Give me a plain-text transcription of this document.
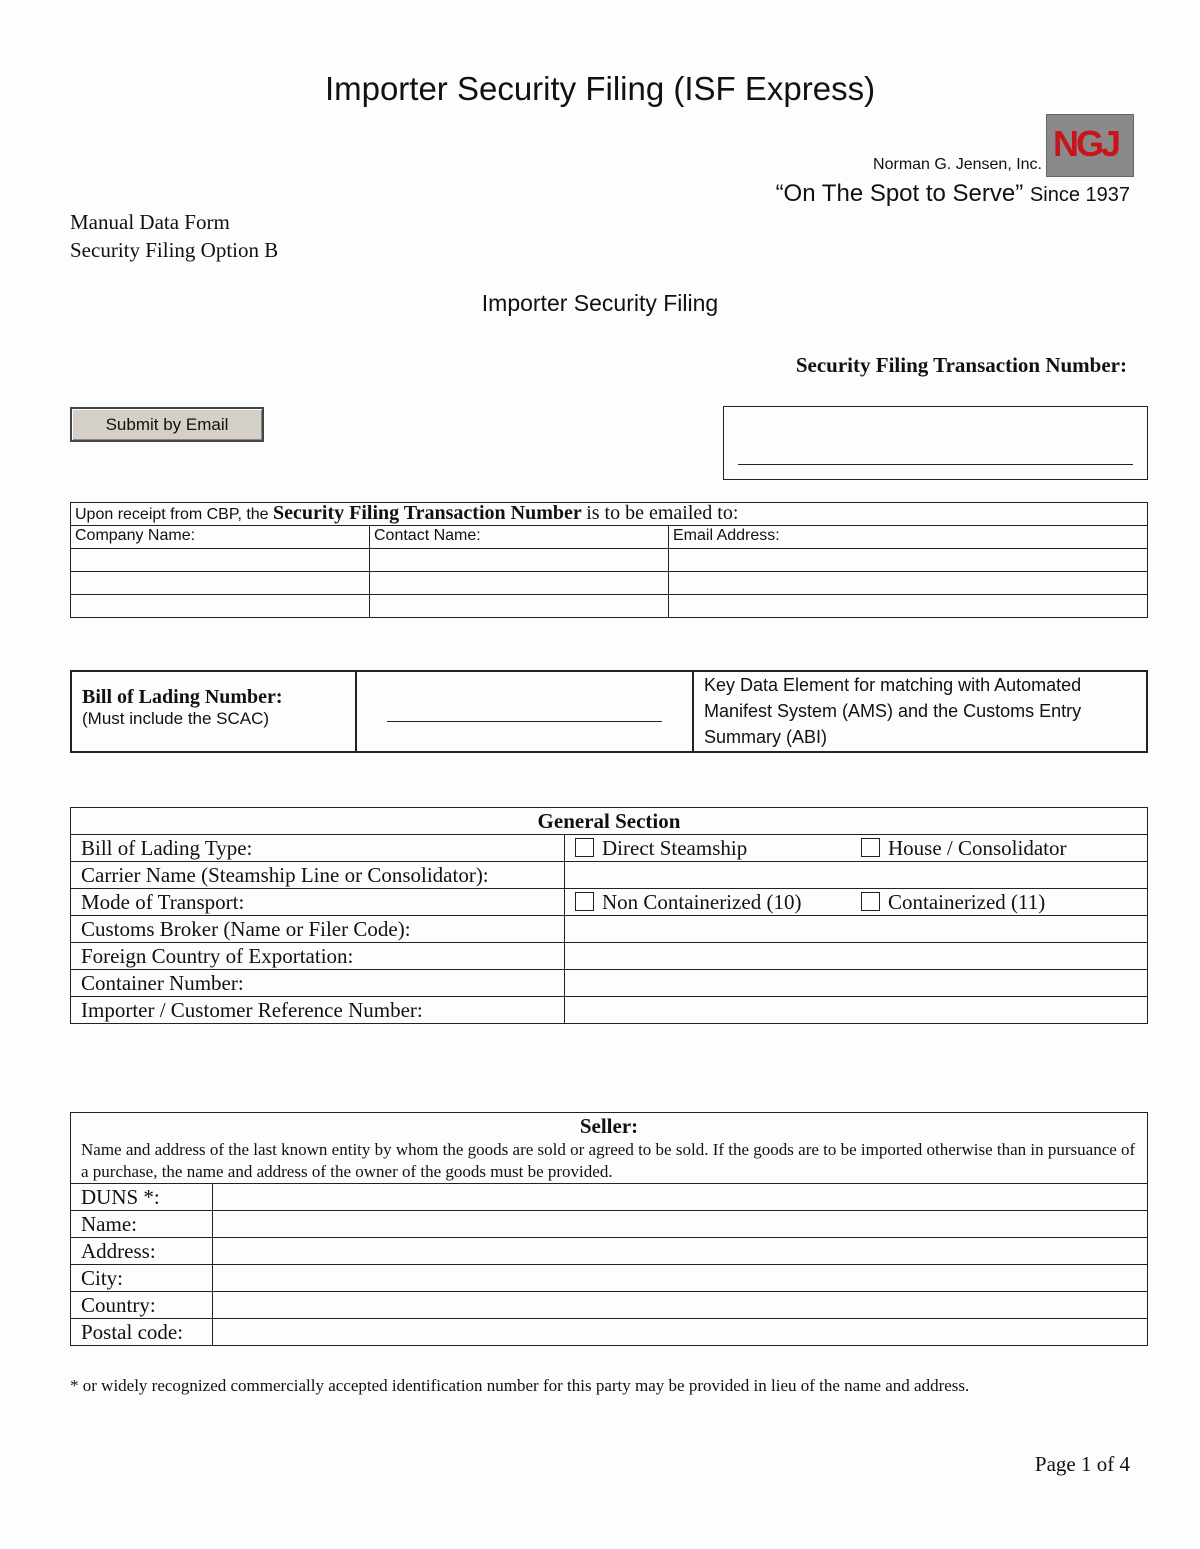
Importer Security Filing (ISF Express)
NGJ
Norman G. Jensen, Inc.
“On The Spot to Serve” Since 1937
Manual Data Form
Security Filing Option B
Importer Security Filing
Security Filing Transaction Number:
Submit by Email
Upon receipt from CBP, the Security Filing Transaction Number is to be emailed to:		
Company Name:	Contact Name:	Email Address:

Bill of Lading Number:
(Must include the SCAC)

	Key Data Element for matching with Automated Manifest System (AMS) and the Customs Entry Summary (ABI)
General Section	
Bill of Lading Type:	Direct Steamship House / Consolidator

Carrier Name (Steamship Line or Consolidator):	
Mode of Transport:	Non Containerized (10) Containerized (11)

Customs Broker (Name or Filer Code):	
Foreign Country of Exportation:	
Container Number:	
Importer / Customer Reference Number:	
Seller:
Name and address of the last known entity by whom the goods are sold or agreed to be sold. If the goods are to be imported otherwise than in pursuance of a purchase, the name and address of the owner of the goods must be provided.	

DUNS *:	
Name:	
Address:	
City:	
Country:	
Postal code:	
* or widely recognized commercially accepted identification number for this party may be provided in lieu of the name and address.
Page 1 of 4
